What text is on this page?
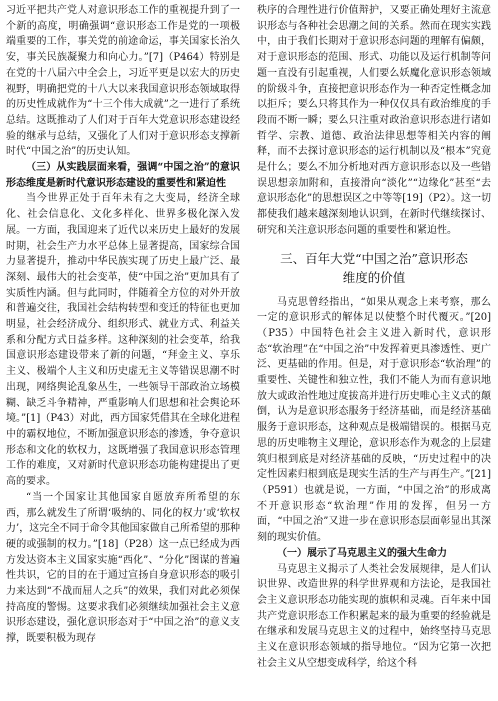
习近平把共产党人对意识形态工作的重视提升到了一个新的高度，明确强调“意识形态工作是党的一项极端重要的工作，事关党的前途命运，事关国家长治久安，事关民族凝聚力和向心力。”[7]（P464）特别是在党的十八届六中全会上，习近平更是以宏大的历史视野，明确把党的十八大以来我国意识形态领域取得的历史性成就作为“十三个伟大成就”之一进行了系统总结。这既推动了人们对于百年大党意识形态建设经验的继承与总结，又强化了人们对于意识形态支撑新时代“中国之治”的历史认知。

（三）从实践层面来看，强调“中国之治”的意识形态维度是新时代意识形态建设的重要性和紧迫性

当今世界正处于百年未有之大变局，经济全球化、社会信息化、文化多样化、世界多极化深入发展。一方面，我国迎来了近代以来历史上最好的发展时期，社会生产力水平总体上显著提高，国家综合国力显著提升，推动中华民族实现了历史上最广泛、最深刻、最伟大的社会变革，使“中国之治”更加具有了实质性内涵。但与此同时，伴随着全方位的对外开放和普遍交往，我国社会结构转型和变迁的特征也更加明显，社会经济成分、组织形式、就业方式、利益关系和分配方式日益多样。这种深刻的社会变革，给我国意识形态建设带来了新的问题，“拜金主义、享乐主义、极端个人主义和历史虚无主义等错误思潮不时出现，网络舆论乱象丛生，一些领导干部政治立场模糊、缺乏斗争精神，严重影响人们思想和社会舆论环境。”[1]（P43）对此，西方国家凭借其在全球化进程中的霸权地位，不断加强意识形态的渗透，争夺意识形态和文化的软权力，这既增强了我国意识形态管理工作的难度，又对新时代意识形态功能构建提出了更高的要求。

“当一个国家让其他国家自愿放弃所希望的东西，那么就发生了所谓‘吸纳的、同化的权力’或‘软权力’，这完全不同于命令其他国家做自己所希望的那种硬的或强制的权力。”[18]（P28）这一点已经成为西方发达资本主义国家实施“西化”、“分化”图谋的普遍性共识，它的目的在于通过宣扬自身意识形态的吸引力来达到“不战而屈人之兵”的效果，我们对此必须保持高度的警惕。这要求我们必须继续加强社会主义意识形态建设，强化意识形态对于“中国之治”的意义支撑，既要积极为现存

秩序的合理性进行价值辩护，又要正确处理好主流意识形态与各种社会思潮之间的关系。然而在现实实践中，由于我们长期对于意识形态问题的理解有偏颇，对于意识形态的范围、形式、功能以及运行机制等问题一直没有引起重视，人们要么妖魔化意识形态领域的阶级斗争，直接把意识形态作为一种否定性概念加以拒斥；要么只将其作为一种仅仅具有政治维度的手段而不断一瞬；要么只注重对政治意识形态进行诸如哲学、宗教、道德、政治法律思想等相关内容的阐释，而不去探讨意识形态的运行机制以及“根本”究竟是什么；要么不加分析地对西方意识形态以及一些错误思想亲加附和，直接滑向“淡化”“边缘化”甚至“去意识形态化”的思想误区之中等等[19]（P2）。这一切都使我们越来越深刻地认识到，在新时代继续探讨、研究和关注意识形态问题的重要性和紧迫性。

三、百年大党“中国之治”意识形态
维度的价值

马克思曾经指出，“如果从观念上来考察，那么一定的意识形式的解体足以使整个时代覆灭。”[20]（P35）中国特色社会主义进入新时代，意识形态“软治理”在“中国之治”中发挥着更具渗透性、更广泛、更基础的作用。但是，对于意识形态“软治理”的重要性、关键性和独立性，我们不能人为而有意识地放大或政治性地过度拔高并进行历史唯心主义式的颠倒，认为是意识形态服务于经济基础，而是经济基础服务于意识形态，这种观点是极端错误的。根据马克思的历史唯物主义理论，意识形态作为观念的上层建筑归根到底是对经济基础的反映，“历史过程中的决定性因素归根到底是现实生活的生产与再生产。”[21]（P591）也就是说，一方面，“中国之治”的形成离不开意识形态“软治理”作用的发挥，但另一方面，“中国之治”又进一步在意识形态层面彰显出其深刻的现实价值。

（一）展示了马克思主义的强大生命力

马克思主义揭示了人类社会发展规律，是人们认识世界、改造世界的科学世界观和方法论，是我国社会主义意识形态功能实现的旗帜和灵魂。百年来中国共产党意识形态工作积累起来的最为重要的经验就是在继承和发展马克思主义的过程中，始终坚持马克思主义在意识形态领域的指导地位。“因为它第一次把社会主义从空想变成科学，给这个科
